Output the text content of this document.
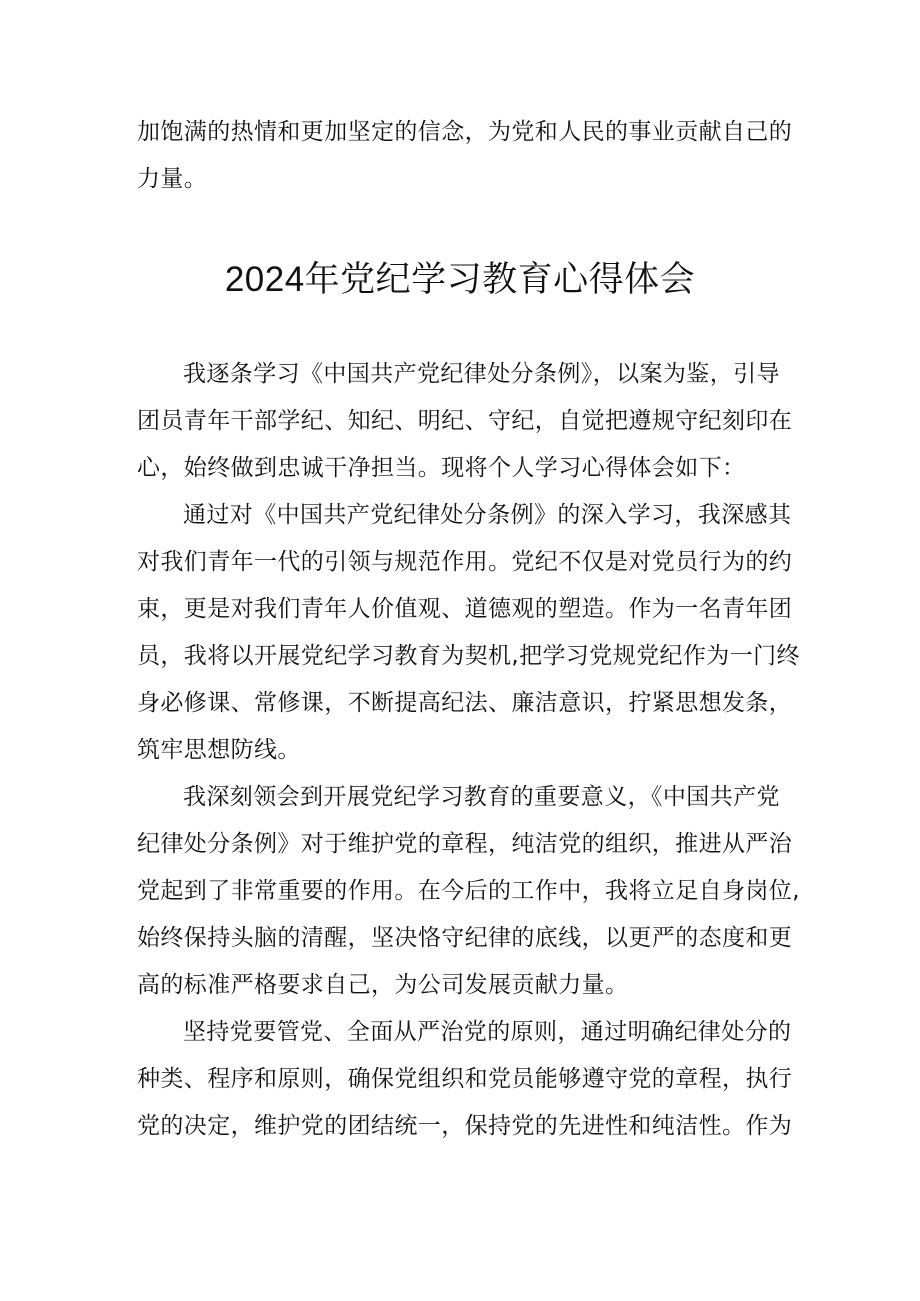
加饱满的热情和更加坚定的信念，为党和人民的事业贡献自己的
力量。
2024年党纪学习教育心得体会
我逐条学习《中国共产党纪律处分条例》，以案为鉴，引导
团员青年干部学纪、知纪、明纪、守纪，自觉把遵规守纪刻印在
心，始终做到忠诚干净担当。现将个人学习心得体会如下：
通过对《中国共产党纪律处分条例》的深入学习，我深感其
对我们青年一代的引领与规范作用。党纪不仅是对党员行为的约
束，更是对我们青年人价值观、道德观的塑造。作为一名青年团
员，我将以开展党纪学习教育为契机,把学习党规党纪作为一门终
身必修课、常修课，不断提高纪法、廉洁意识，拧紧思想发条，
筑牢思想防线。
我深刻领会到开展党纪学习教育的重要意义，《中国共产党
纪律处分条例》对于维护党的章程，纯洁党的组织，推进从严治
党起到了非常重要的作用。在今后的工作中，我将立足自身岗位,
始终保持头脑的清醒，坚决恪守纪律的底线，以更严的态度和更
高的标准严格要求自己，为公司发展贡献力量。
坚持党要管党、全面从严治党的原则，通过明确纪律处分的
种类、程序和原则，确保党组织和党员能够遵守党的章程，执行
党的决定，维护党的团结统一，保持党的先进性和纯洁性。作为
